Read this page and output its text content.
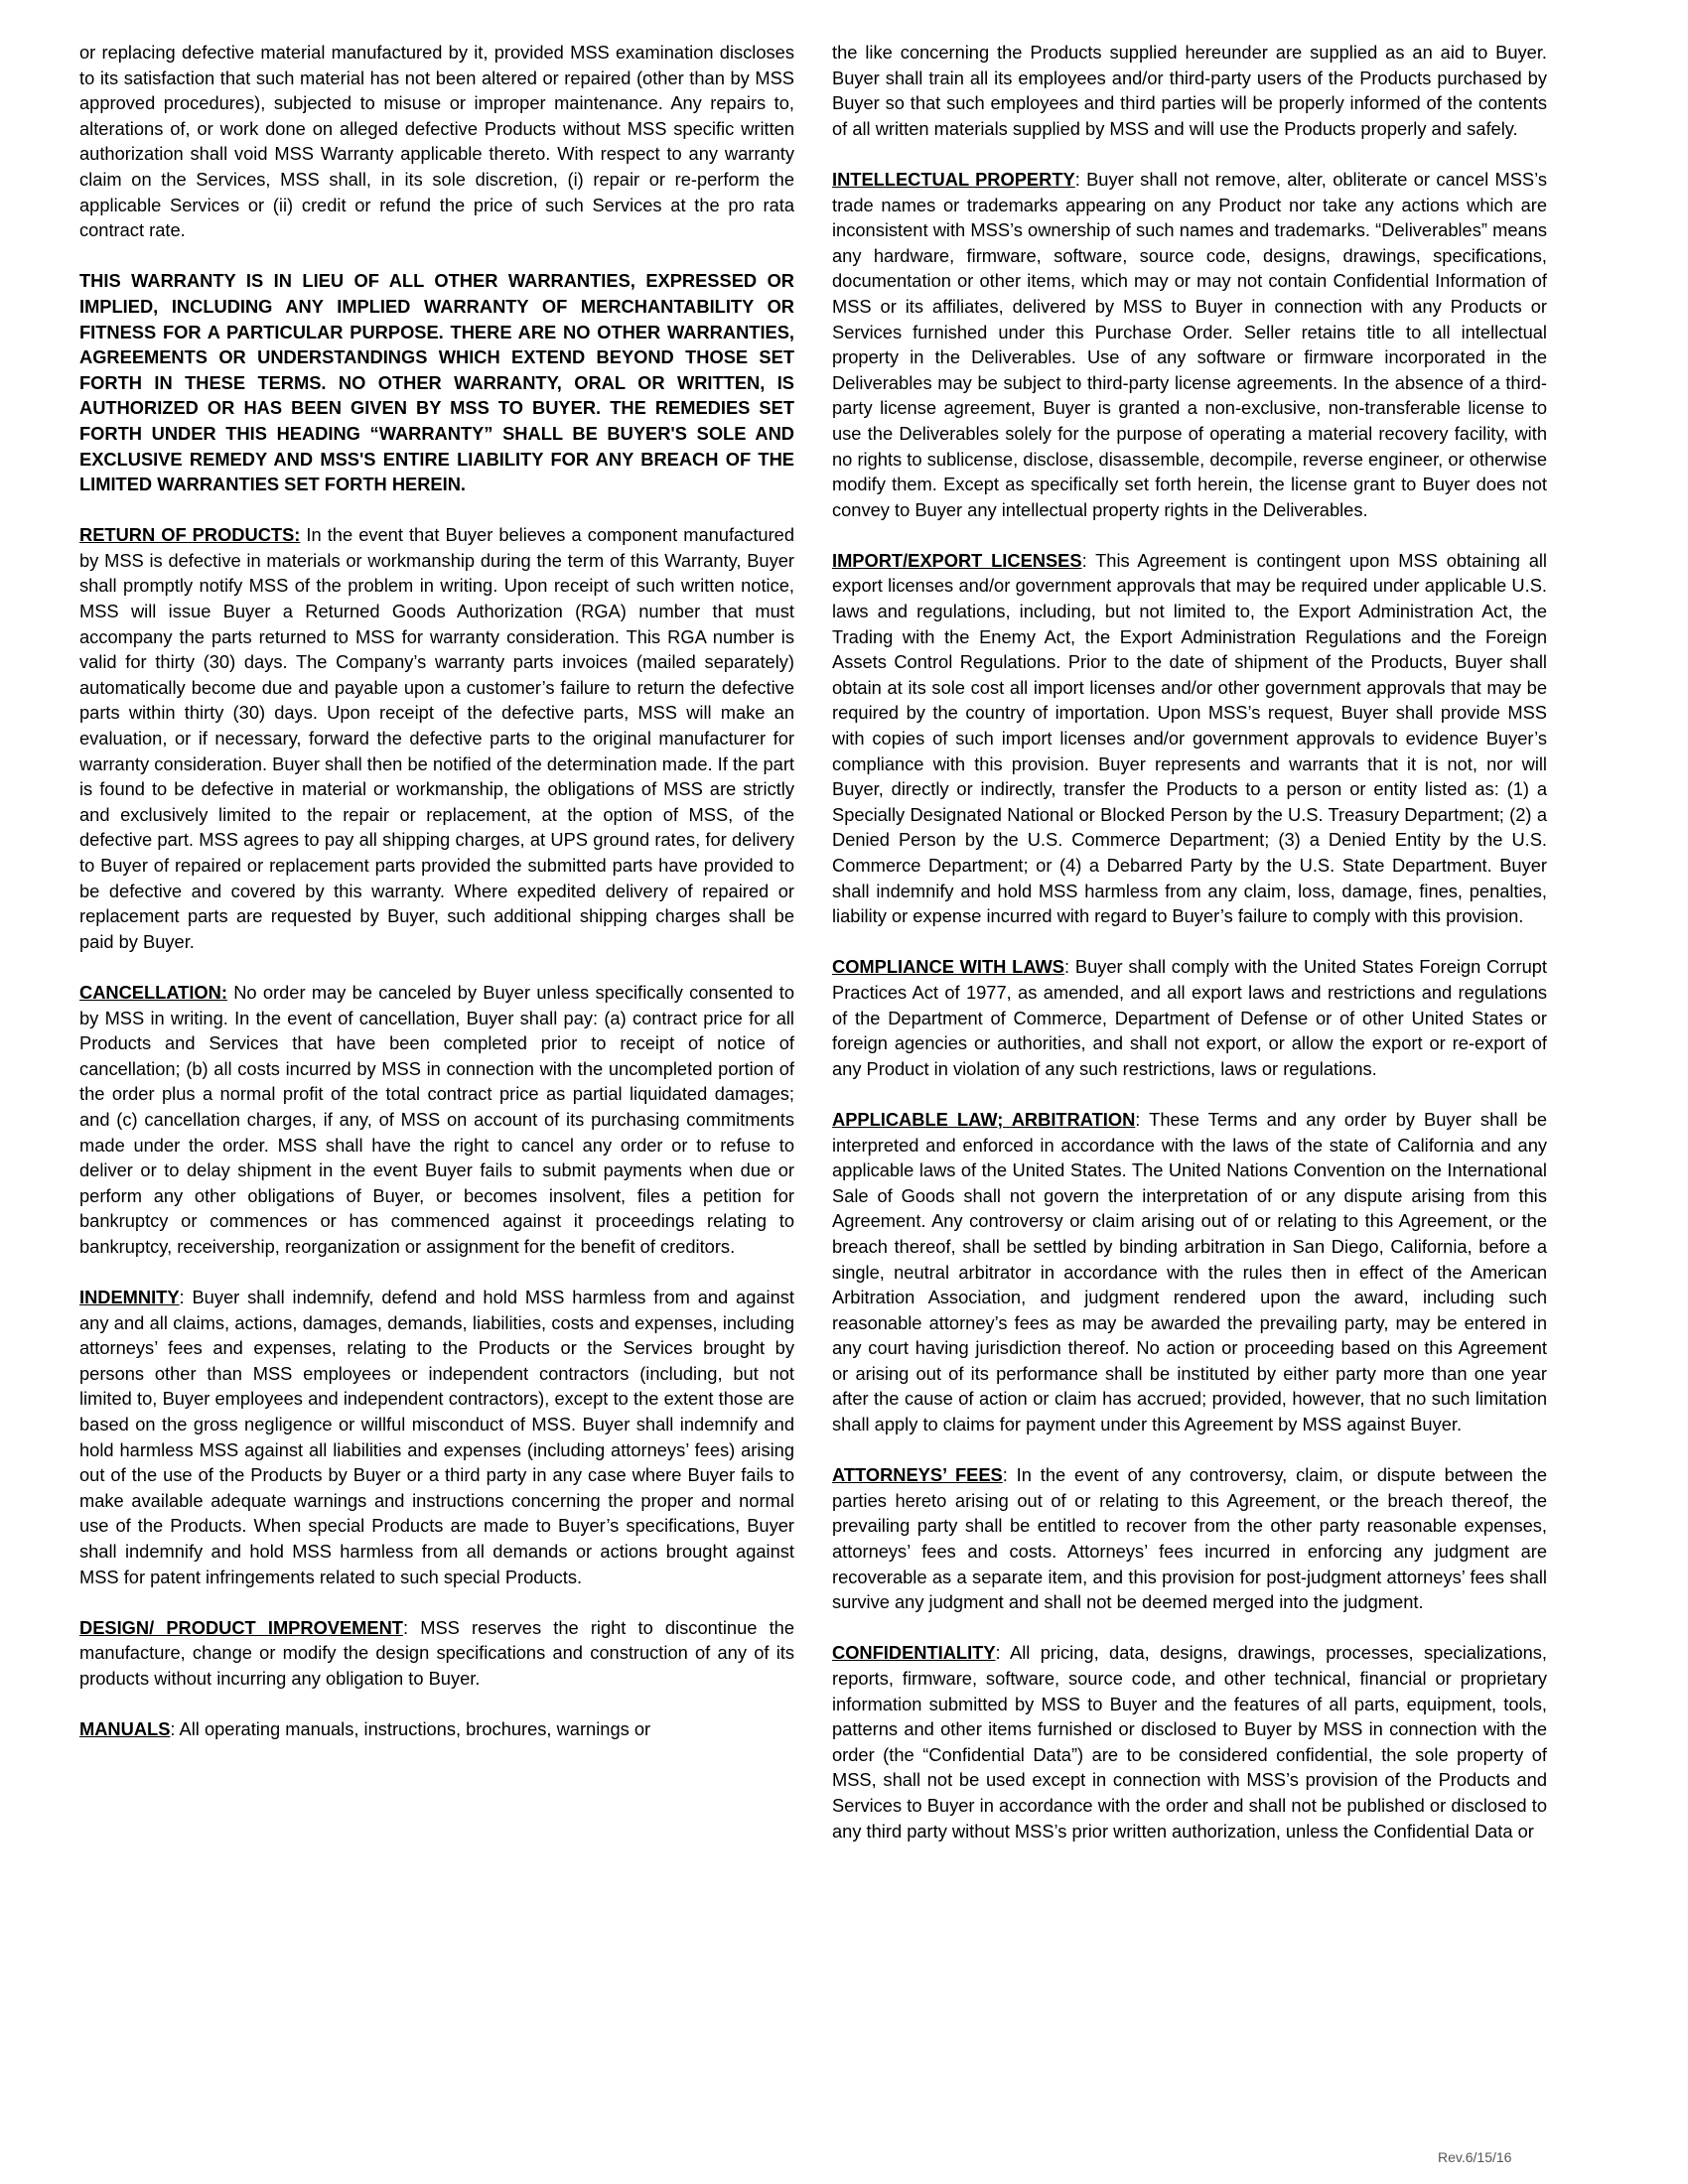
or replacing defective material manufactured by it, provided MSS examination discloses to its satisfaction that such material has not been altered or repaired (other than by MSS approved procedures), subjected to misuse or improper maintenance. Any repairs to, alterations of, or work done on alleged defective Products without MSS specific written authorization shall void MSS Warranty applicable thereto. With respect to any warranty claim on the Services, MSS shall, in its sole discretion, (i) repair or re-perform the applicable Services or (ii) credit or refund the price of such Services at the pro rata contract rate.

THIS WARRANTY IS IN LIEU OF ALL OTHER WARRANTIES, EXPRESSED OR IMPLIED, INCLUDING ANY IMPLIED WARRANTY OF MERCHANTABILITY OR FITNESS FOR A PARTICULAR PURPOSE. THERE ARE NO OTHER WARRANTIES, AGREEMENTS OR UNDERSTANDINGS WHICH EXTEND BEYOND THOSE SET FORTH IN THESE TERMS. NO OTHER WARRANTY, ORAL OR WRITTEN, IS AUTHORIZED OR HAS BEEN GIVEN BY MSS TO BUYER. THE REMEDIES SET FORTH UNDER THIS HEADING “WARRANTY” SHALL BE BUYER'S SOLE AND EXCLUSIVE REMEDY AND MSS'S ENTIRE LIABILITY FOR ANY BREACH OF THE LIMITED WARRANTIES SET FORTH HEREIN.

RETURN OF PRODUCTS: In the event that Buyer believes a component manufactured by MSS is defective in materials or workmanship during the term of this Warranty, Buyer shall promptly notify MSS of the problem in writing. Upon receipt of such written notice, MSS will issue Buyer a Returned Goods Authorization (RGA) number that must accompany the parts returned to MSS for warranty consideration. This RGA number is valid for thirty (30) days. The Company’s warranty parts invoices (mailed separately) automatically become due and payable upon a customer’s failure to return the defective parts within thirty (30) days. Upon receipt of the defective parts, MSS will make an evaluation, or if necessary, forward the defective parts to the original manufacturer for warranty consideration. Buyer shall then be notified of the determination made. If the part is found to be defective in material or workmanship, the obligations of MSS are strictly and exclusively limited to the repair or replacement, at the option of MSS, of the defective part. MSS agrees to pay all shipping charges, at UPS ground rates, for delivery to Buyer of repaired or replacement parts provided the submitted parts have provided to be defective and covered by this warranty. Where expedited delivery of repaired or replacement parts are requested by Buyer, such additional shipping charges shall be paid by Buyer.

CANCELLATION: No order may be canceled by Buyer unless specifically consented to by MSS in writing. In the event of cancellation, Buyer shall pay: (a) contract price for all Products and Services that have been completed prior to receipt of notice of cancellation; (b) all costs incurred by MSS in connection with the uncompleted portion of the order plus a normal profit of the total contract price as partial liquidated damages; and (c) cancellation charges, if any, of MSS on account of its purchasing commitments made under the order. MSS shall have the right to cancel any order or to refuse to deliver or to delay shipment in the event Buyer fails to submit payments when due or perform any other obligations of Buyer, or becomes insolvent, files a petition for bankruptcy or commences or has commenced against it proceedings relating to bankruptcy, receivership, reorganization or assignment for the benefit of creditors.

INDEMNITY: Buyer shall indemnify, defend and hold MSS harmless from and against any and all claims, actions, damages, demands, liabilities, costs and expenses, including attorneys’ fees and expenses, relating to the Products or the Services brought by persons other than MSS employees or independent contractors (including, but not limited to, Buyer employees and independent contractors), except to the extent those are based on the gross negligence or willful misconduct of MSS. Buyer shall indemnify and hold harmless MSS against all liabilities and expenses (including attorneys’ fees) arising out of the use of the Products by Buyer or a third party in any case where Buyer fails to make available adequate warnings and instructions concerning the proper and normal use of the Products. When special Products are made to Buyer’s specifications, Buyer shall indemnify and hold MSS harmless from all demands or actions brought against MSS for patent infringements related to such special Products.

DESIGN/ PRODUCT IMPROVEMENT: MSS reserves the right to discontinue the manufacture, change or modify the design specifications and construction of any of its products without incurring any obligation to Buyer.

MANUALS: All operating manuals, instructions, brochures, warnings or

the like concerning the Products supplied hereunder are supplied as an aid to Buyer. Buyer shall train all its employees and/or third-party users of the Products purchased by Buyer so that such employees and third parties will be properly informed of the contents of all written materials supplied by MSS and will use the Products properly and safely.

INTELLECTUAL PROPERTY: Buyer shall not remove, alter, obliterate or cancel MSS’s trade names or trademarks appearing on any Product nor take any actions which are inconsistent with MSS’s ownership of such names and trademarks. “Deliverables” means any hardware, firmware, software, source code, designs, drawings, specifications, documentation or other items, which may or may not contain Confidential Information of MSS or its affiliates, delivered by MSS to Buyer in connection with any Products or Services furnished under this Purchase Order. Seller retains title to all intellectual property in the Deliverables. Use of any software or firmware incorporated in the Deliverables may be subject to third-party license agreements. In the absence of a third-party license agreement, Buyer is granted a non-exclusive, non-transferable license to use the Deliverables solely for the purpose of operating a material recovery facility, with no rights to sublicense, disclose, disassemble, decompile, reverse engineer, or otherwise modify them. Except as specifically set forth herein, the license grant to Buyer does not convey to Buyer any intellectual property rights in the Deliverables.

IMPORT/EXPORT LICENSES: This Agreement is contingent upon MSS obtaining all export licenses and/or government approvals that may be required under applicable U.S. laws and regulations, including, but not limited to, the Export Administration Act, the Trading with the Enemy Act, the Export Administration Regulations and the Foreign Assets Control Regulations. Prior to the date of shipment of the Products, Buyer shall obtain at its sole cost all import licenses and/or other government approvals that may be required by the country of importation. Upon MSS’s request, Buyer shall provide MSS with copies of such import licenses and/or government approvals to evidence Buyer’s compliance with this provision. Buyer represents and warrants that it is not, nor will Buyer, directly or indirectly, transfer the Products to a person or entity listed as: (1) a Specially Designated National or Blocked Person by the U.S. Treasury Department; (2) a Denied Person by the U.S. Commerce Department; (3) a Denied Entity by the U.S. Commerce Department; or (4) a Debarred Party by the U.S. State Department. Buyer shall indemnify and hold MSS harmless from any claim, loss, damage, fines, penalties, liability or expense incurred with regard to Buyer’s failure to comply with this provision.

COMPLIANCE WITH LAWS: Buyer shall comply with the United States Foreign Corrupt Practices Act of 1977, as amended, and all export laws and restrictions and regulations of the Department of Commerce, Department of Defense or of other United States or foreign agencies or authorities, and shall not export, or allow the export or re-export of any Product in violation of any such restrictions, laws or regulations.

APPLICABLE LAW; ARBITRATION: These Terms and any order by Buyer shall be interpreted and enforced in accordance with the laws of the state of California and any applicable laws of the United States. The United Nations Convention on the International Sale of Goods shall not govern the interpretation of or any dispute arising from this Agreement. Any controversy or claim arising out of or relating to this Agreement, or the breach thereof, shall be settled by binding arbitration in San Diego, California, before a single, neutral arbitrator in accordance with the rules then in effect of the American Arbitration Association, and judgment rendered upon the award, including such reasonable attorney’s fees as may be awarded the prevailing party, may be entered in any court having jurisdiction thereof. No action or proceeding based on this Agreement or arising out of its performance shall be instituted by either party more than one year after the cause of action or claim has accrued; provided, however, that no such limitation shall apply to claims for payment under this Agreement by MSS against Buyer.

ATTORNEYS’ FEES: In the event of any controversy, claim, or dispute between the parties hereto arising out of or relating to this Agreement, or the breach thereof, the prevailing party shall be entitled to recover from the other party reasonable expenses, attorneys’ fees and costs. Attorneys’ fees incurred in enforcing any judgment are recoverable as a separate item, and this provision for post-judgment attorneys’ fees shall survive any judgment and shall not be deemed merged into the judgment.

CONFIDENTIALITY: All pricing, data, designs, drawings, processes, specializations, reports, firmware, software, source code, and other technical, financial or proprietary information submitted by MSS to Buyer and the features of all parts, equipment, tools, patterns and other items furnished or disclosed to Buyer by MSS in connection with the order (the “Confidential Data”) are to be considered confidential, the sole property of MSS, shall not be used except in connection with MSS’s provision of the Products and Services to Buyer in accordance with the order and shall not be published or disclosed to any third party without MSS’s prior written authorization, unless the Confidential Data or

Rev.6/15/16
